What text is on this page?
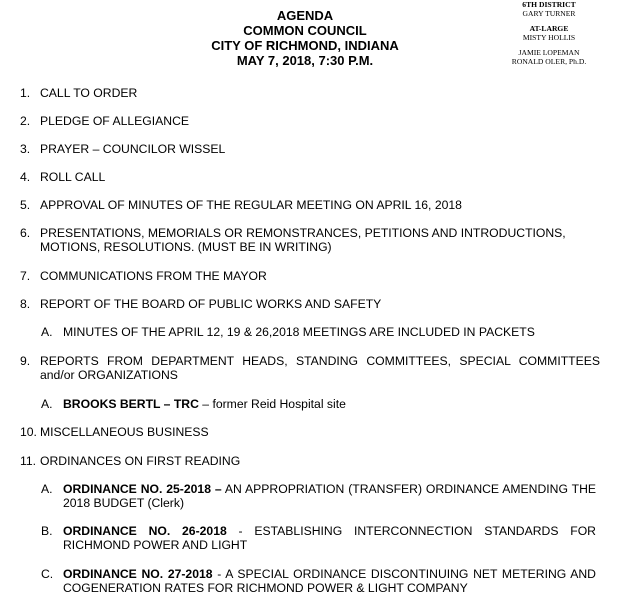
AGENDA
COMMON COUNCIL
CITY OF RICHMOND, INDIANA
MAY 7, 2018, 7:30 P.M.
6TH DISTRICT
GARY TURNER
AT-LARGE
MISTY HOLLIS
JAMIE LOPEMAN
RONALD OLER, Ph.D.
1. CALL TO ORDER
2. PLEDGE OF ALLEGIANCE
3. PRAYER – COUNCILOR WISSEL
4. ROLL CALL
5. APPROVAL OF MINUTES OF THE REGULAR MEETING ON APRIL 16, 2018
6. PRESENTATIONS, MEMORIALS OR REMONSTRANCES, PETITIONS AND INTRODUCTIONS, MOTIONS, RESOLUTIONS. (MUST BE IN WRITING)
7. COMMUNICATIONS FROM THE MAYOR
8. REPORT OF THE BOARD OF PUBLIC WORKS AND SAFETY
A. MINUTES OF THE APRIL 12, 19 & 26,2018 MEETINGS ARE INCLUDED IN PACKETS
9. REPORTS FROM DEPARTMENT HEADS, STANDING COMMITTEES, SPECIAL COMMITTEES and/or ORGANIZATIONS
A. BROOKS BERTL – TRC – former Reid Hospital site
10. MISCELLANEOUS BUSINESS
11. ORDINANCES ON FIRST READING
A. ORDINANCE NO. 25-2018 – AN APPROPRIATION (TRANSFER) ORDINANCE AMENDING THE 2018 BUDGET (Clerk)
B. ORDINANCE NO. 26-2018 - ESTABLISHING INTERCONNECTION STANDARDS FOR RICHMOND POWER AND LIGHT
C. ORDINANCE NO. 27-2018 - A SPECIAL ORDINANCE DISCONTINUING NET METERING AND COGENERATION RATES FOR RICHMOND POWER & LIGHT COMPANY
